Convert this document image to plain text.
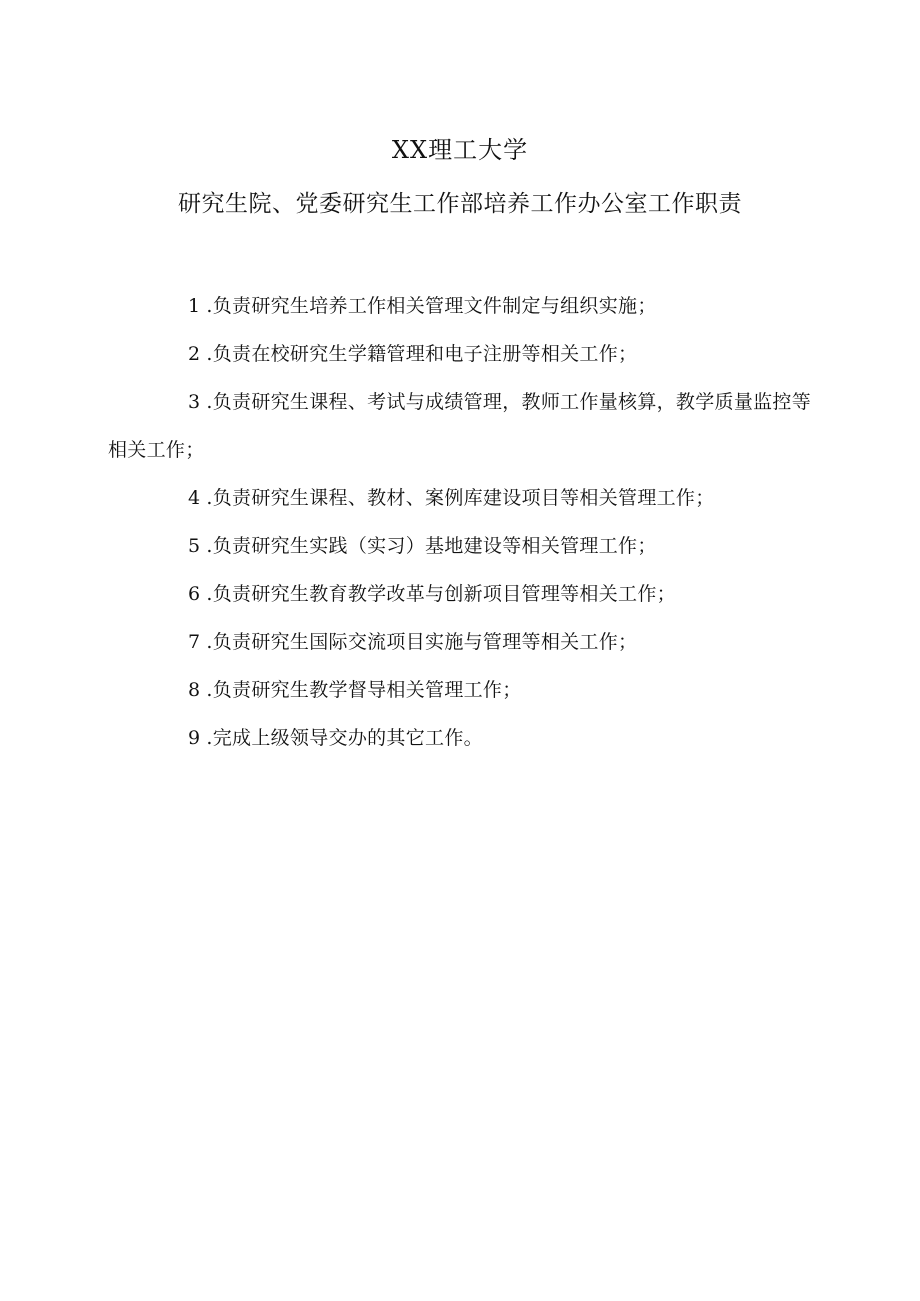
XX理工大学
研究生院、党委研究生工作部培养工作办公室工作职责
1 .负责研究生培养工作相关管理文件制定与组织实施；
2 .负责在校研究生学籍管理和电子注册等相关工作；
3 .负责研究生课程、考试与成绩管理，教师工作量核算，教学质量监控等相关工作；
4 .负责研究生课程、教材、案例库建设项目等相关管理工作；
5 .负责研究生实践（实习）基地建设等相关管理工作；
6 .负责研究生教育教学改革与创新项目管理等相关工作；
7 .负责研究生国际交流项目实施与管理等相关工作；
8 .负责研究生教学督导相关管理工作；
9 .完成上级领导交办的其它工作。
